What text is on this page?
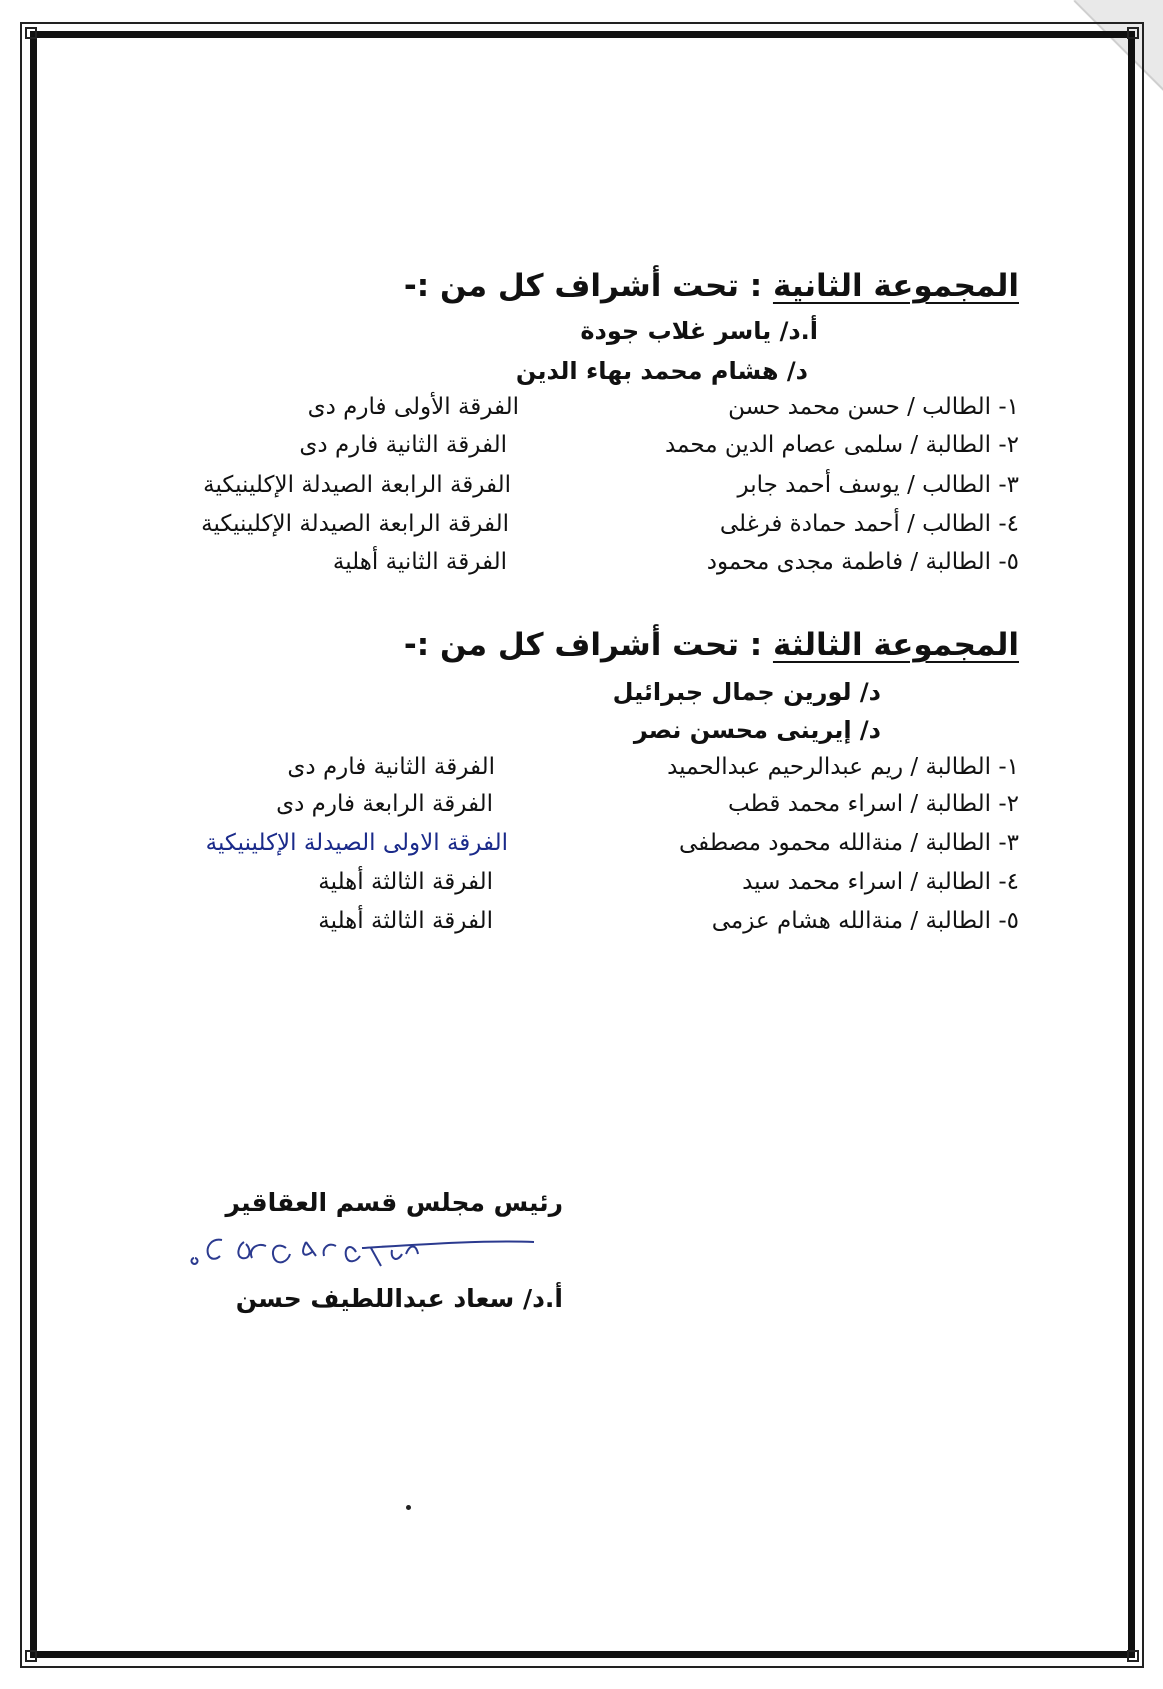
المجموعة الثانية : تحت أشراف كل من :-
أ.د/ ياسر غلاب جودة
د/ هشام محمد بهاء الدين
١- الطالب / حسن محمد حسن
الفرقة الأولى فارم دى
٢- الطالبة / سلمى عصام الدين محمد
الفرقة الثانية فارم دى
٣- الطالب / يوسف أحمد جابر
الفرقة الرابعة الصيدلة الإكلينيكية
٤- الطالب / أحمد حمادة فرغلى
الفرقة الرابعة الصيدلة الإكلينيكية
٥- الطالبة / فاطمة مجدى محمود
الفرقة الثانية أهلية
المجموعة الثالثة : تحت أشراف كل من :-
د/ لورين جمال جبرائيل
د/ إيرينى محسن نصر
١- الطالبة / ريم عبدالرحيم عبدالحميد
الفرقة الثانية فارم دى
٢- الطالبة / اسراء محمد قطب
الفرقة الرابعة فارم دى
٣- الطالبة / منةالله محمود مصطفى
الفرقة الاولى الصيدلة الإكلينيكية
٤- الطالبة / اسراء محمد سيد
الفرقة الثالثة أهلية
٥- الطالبة / منةالله هشام عزمى
الفرقة الثالثة أهلية
رئيس مجلس قسم العقاقير
أ.د/ سعاد عبداللطيف حسن
